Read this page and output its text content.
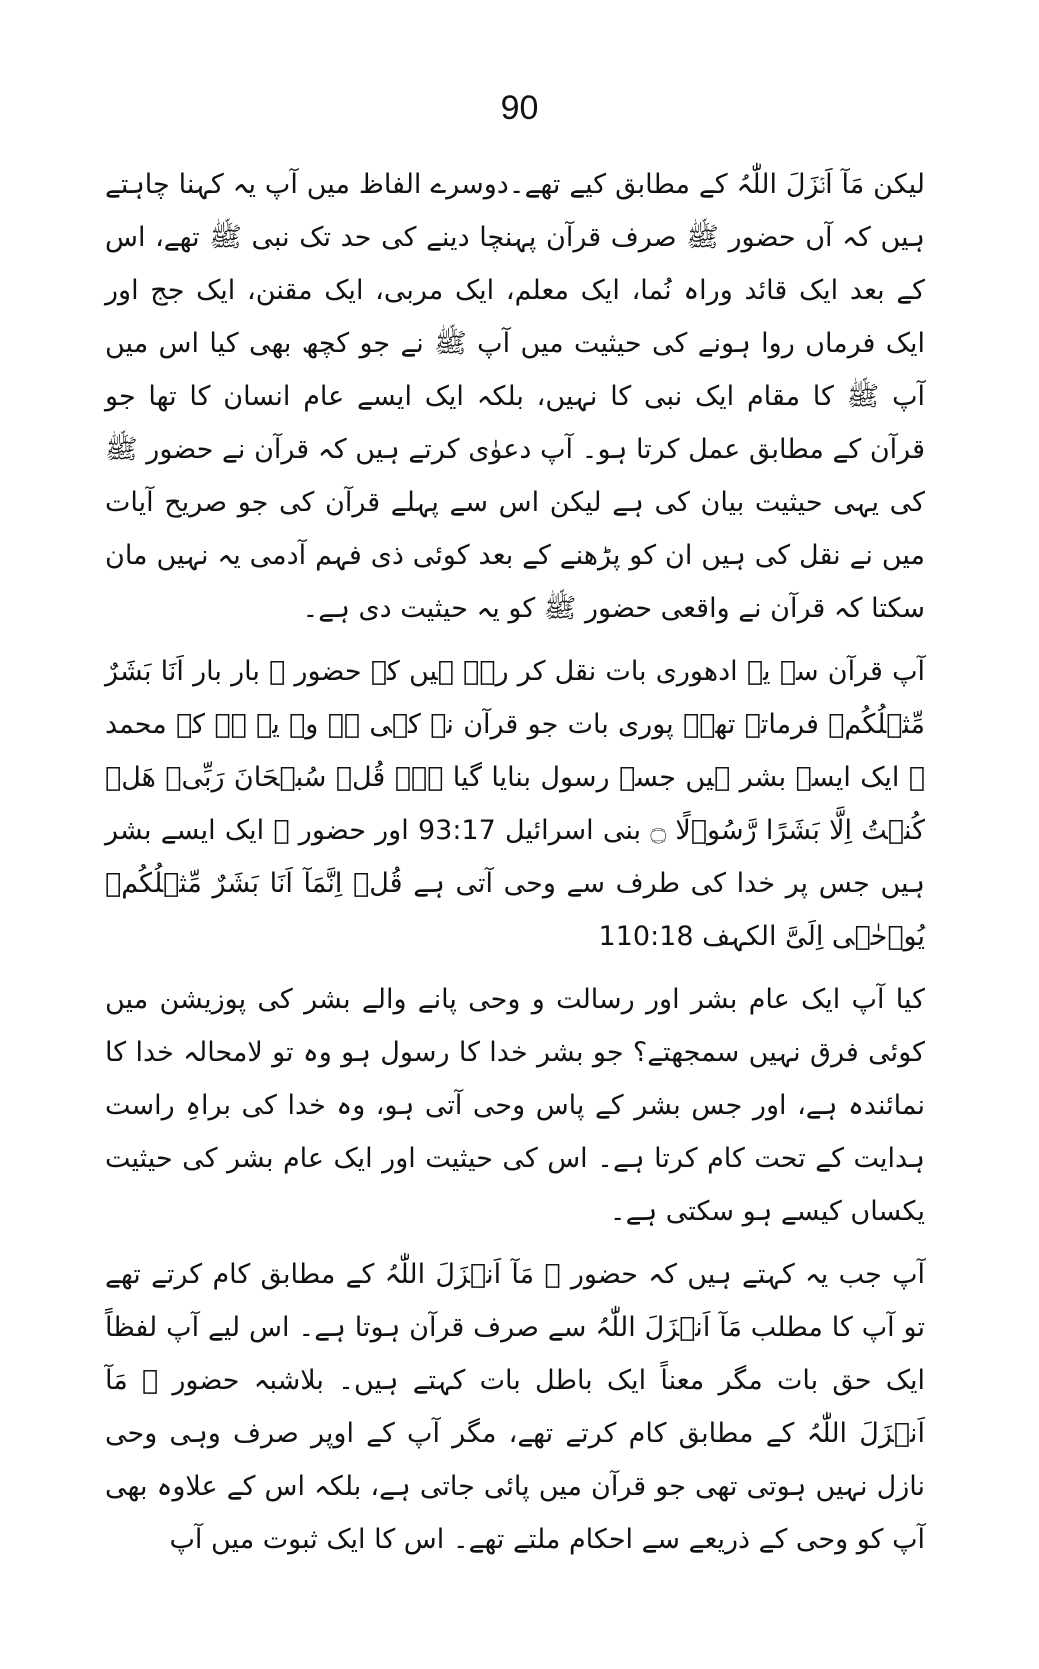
90

لیکن مَآ اَنۡزَلَ اللّٰہُ کے مطابق کیے تھے۔دوسرے الفاظ میں آپ یہ کہنا چاہتے ہیں کہ آں حضور ﷺ صرف قرآن پہنچا دینے کی حد تک نبی ﷺ تھے، اس کے بعد ایک قائد وراہ نُما، ایک معلم، ایک مربی، ایک مقنن، ایک جج اور ایک فرماں روا ہونے کی حیثیت میں آپ ﷺ نے جو کچھ بھی کیا اس میں آپ ﷺ کا مقام ایک نبی کا نہیں، بلکہ ایک ایسے عام انسان کا تھا جو قرآن کے مطابق عمل کرتا ہو۔ آپ دعوٰی کرتے ہیں کہ قرآن نے حضور ﷺ کی یہی حیثیت بیان کی ہے لیکن اس سے پہلے قرآن کی جو صریح آیات میں نے نقل کی ہیں ان کو پڑھنے کے بعد کوئی ذی فہم آدمی یہ نہیں مان سکتا کہ قرآن نے واقعی حضور ﷺ کو یہ حیثیت دی ہے۔

آپ قرآن سے یہ ادھوری بات نقل کر رہے ہیں کہ حضور ﷺ بار بار اَنَا بَشَرٌ مِّثۡلُکُمۡ فرماتے تھے۔ پوری بات جو قرآن نے کہی ہے وہ یہ ہے کہ محمد ﷺ ایک ایسے بشر ہیں جسے رسول بنایا گیا ہے۔ قُلۡ سُبۡحَانَ رَبِّیۡ ھَلۡ کُنۡتُ اِلَّا بَشَرًا رَّسُوۡلًا ۝ بنی اسرائیل 93:17 اور حضور ﷺ ایک ایسے بشر ہیں جس پر خدا کی طرف سے وحی آتی ہے قُلۡ اِنَّمَآ اَنَا بَشَرٌ مِّثۡلُکُمۡ یُوۡحٰۤی اِلَیَّ الکہف 110:18

کیا آپ ایک عام بشر اور رسالت و وحی پانے والے بشر کی پوزیشن میں کوئی فرق نہیں سمجھتے؟ جو بشر خدا کا رسول ہو وہ تو لامحالہ خدا کا نمائندہ ہے، اور جس بشر کے پاس وحی آتی ہو، وہ خدا کی براہِ راست ہدایت کے تحت کام کرتا ہے۔ اس کی حیثیت اور ایک عام بشر کی حیثیت یکساں کیسے ہو سکتی ہے۔

آپ جب یہ کہتے ہیں کہ حضور ﷺ مَآ اَنۡزَلَ اللّٰہُ کے مطابق کام کرتے تھے تو آپ کا مطلب مَآ اَنۡزَلَ اللّٰہُ سے صرف قرآن ہوتا ہے۔ اس لیے آپ لفظاً ایک حق بات مگر معناً ایک باطل بات کہتے ہیں۔ بلاشبہ حضور ﷺ مَآ اَنۡزَلَ اللّٰہُ کے مطابق کام کرتے تھے، مگر آپ کے اوپر صرف وہی وحی نازل نہیں ہوتی تھی جو قرآن میں پائی جاتی ہے، بلکہ اس کے علاوہ بھی آپ کو وحی کے ذریعے سے احکام ملتے تھے۔ اس کا ایک ثبوت میں آپ
